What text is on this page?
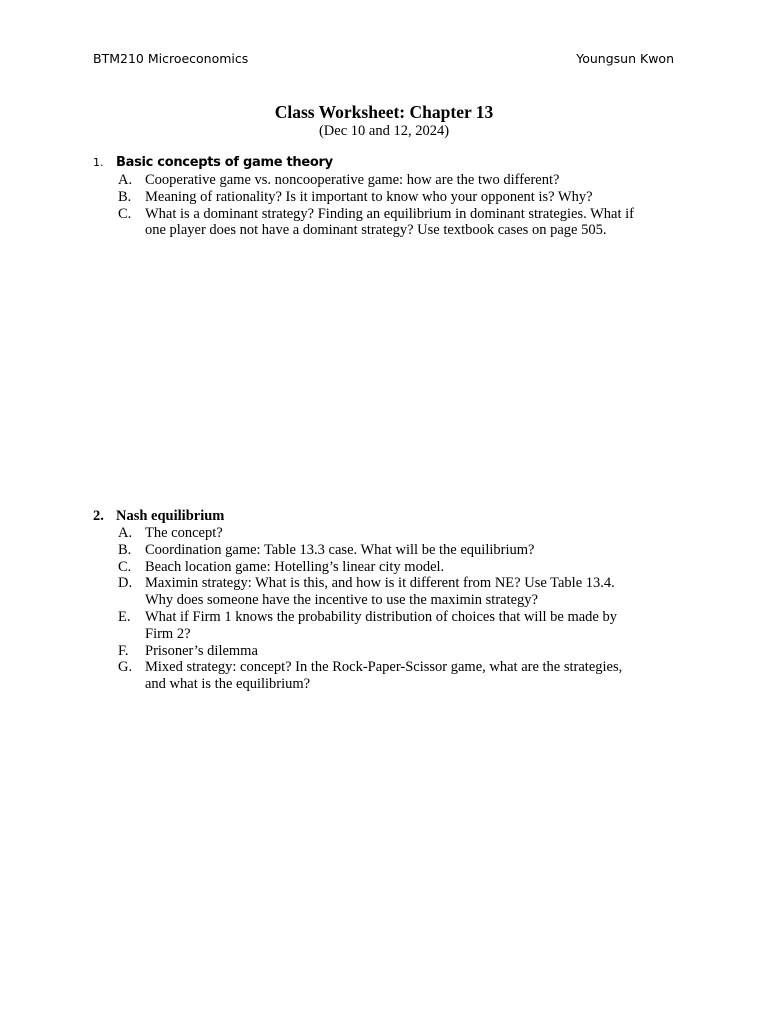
BTM210 Microeconomics	Youngsun Kwon
Class Worksheet: Chapter 13
(Dec 10 and 12, 2024)
1. Basic concepts of game theory
A. Cooperative game vs. noncooperative game: how are the two different?
B. Meaning of rationality? Is it important to know who your opponent is? Why?
C. What is a dominant strategy? Finding an equilibrium in dominant strategies. What if one player does not have a dominant strategy? Use textbook cases on page 505.
2. Nash equilibrium
A. The concept?
B. Coordination game: Table 13.3 case. What will be the equilibrium?
C. Beach location game: Hotelling’s linear city model.
D. Maximin strategy: What is this, and how is it different from NE? Use Table 13.4. Why does someone have the incentive to use the maximin strategy?
E.	What if Firm 1 knows the probability distribution of choices that will be made by Firm 2?
F.	Prisoner’s dilemma
G. Mixed strategy: concept? In the Rock-Paper-Scissor game, what are the strategies, and what is the equilibrium?
